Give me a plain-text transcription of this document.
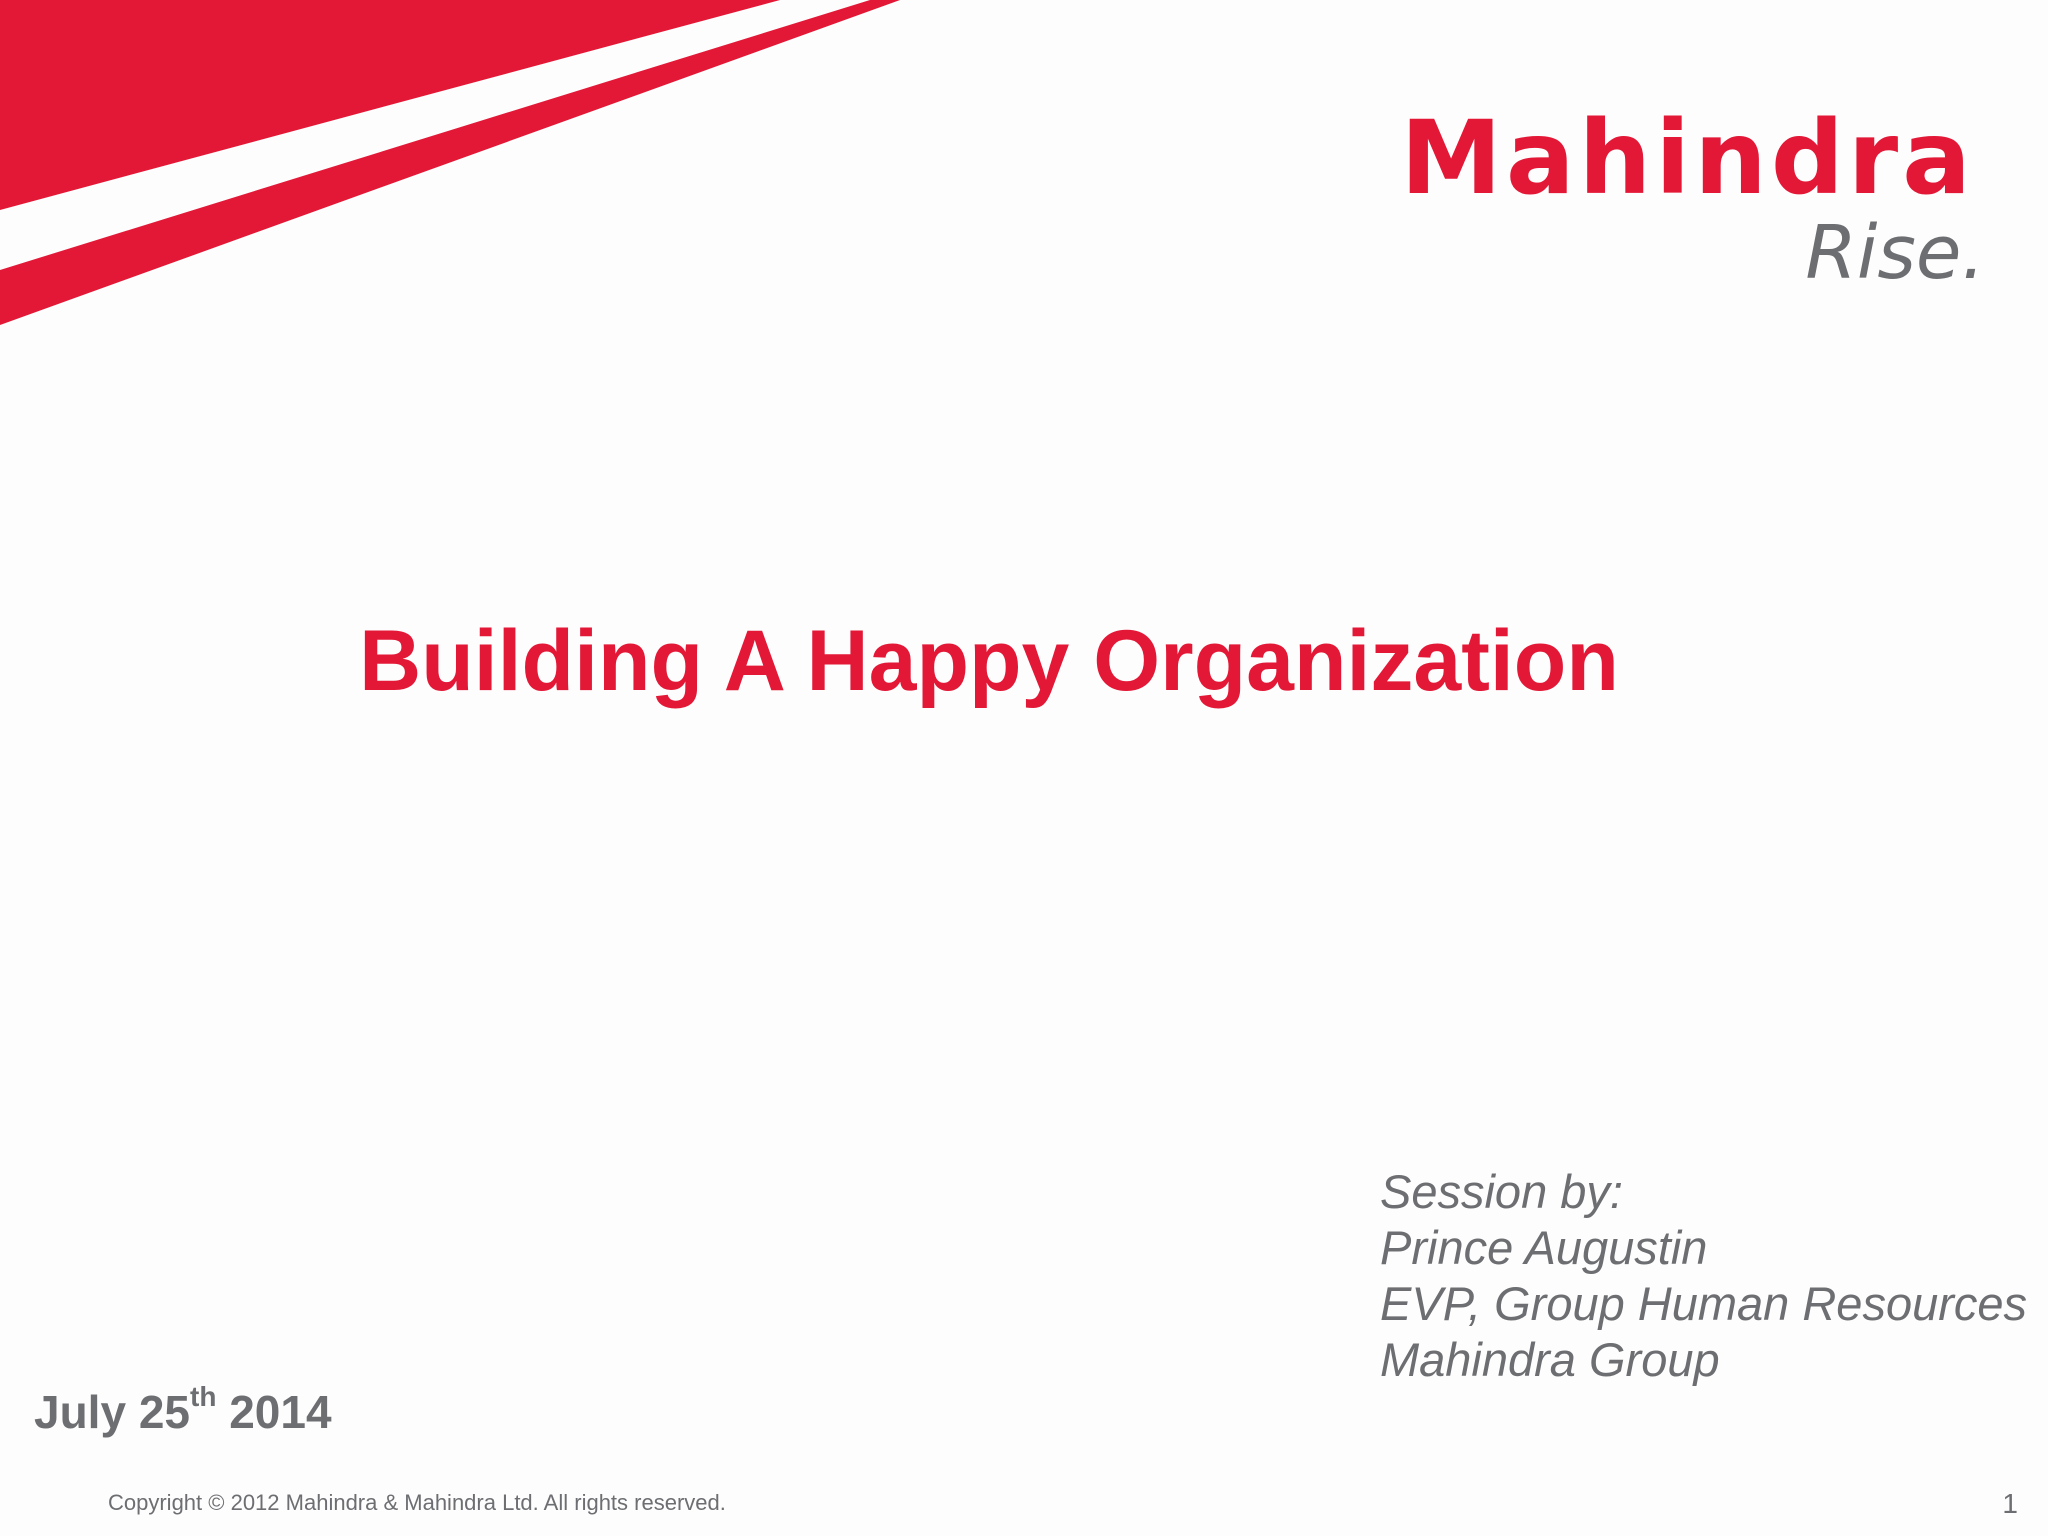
Mahindra
Rise.
Building A Happy Organization
Session by:
Prince Augustin
EVP, Group Human Resources
Mahindra Group
July 25th 2014
Copyright © 2012 Mahindra & Mahindra Ltd. All rights reserved.	1
